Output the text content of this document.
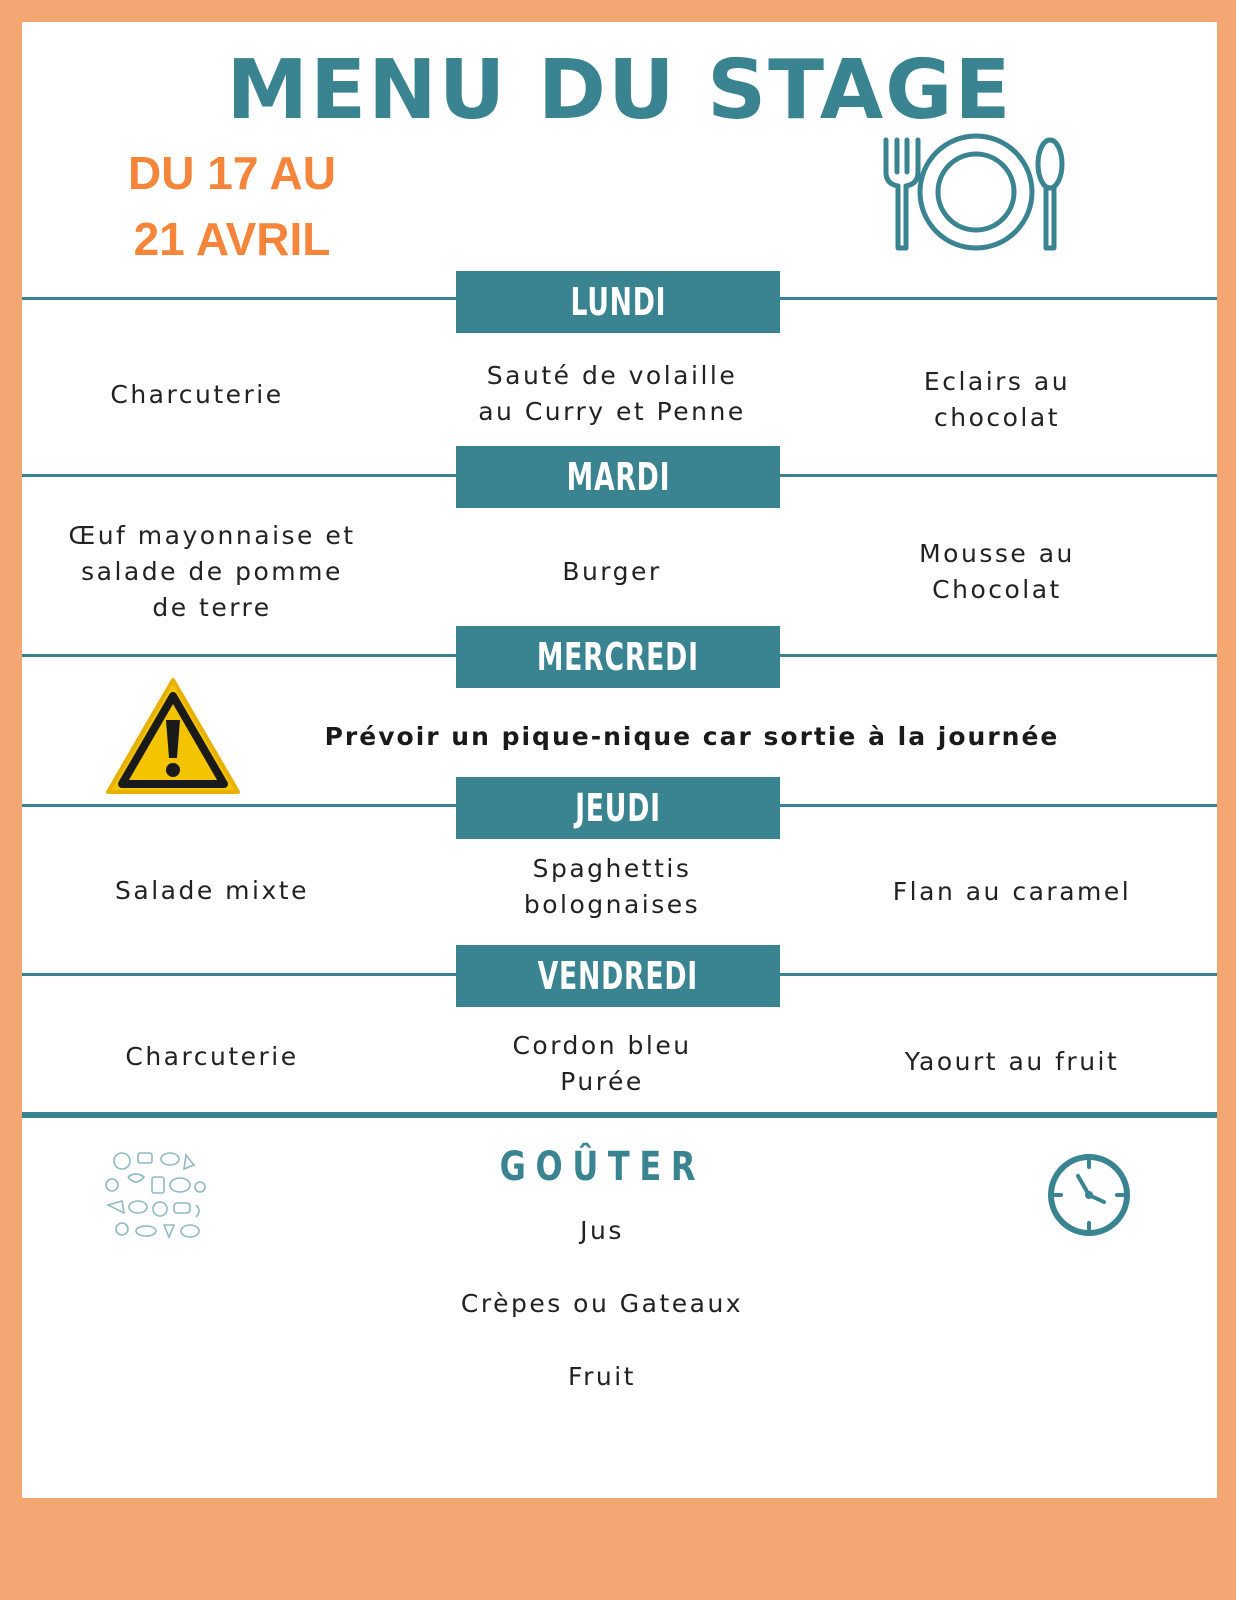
MENU DU STAGE
DU 17 AU
21 AVRIL
LUNDI
Charcuterie
Sauté de volaille
au Curry et Penne
Eclairs au
chocolat
MARDI
Œuf mayonnaise et
salade de pomme
de terre
Burger
Mousse au
Chocolat
MERCREDI
Prévoir un pique-nique car sortie à la journée
JEUDI
Salade mixte
Spaghettis
bolognaises	Flan au caramel
VENDREDI
Charcuterie	Cordon bleu
Purée
Yaourt au fruit
GOÛTER
Jus
Crèpes ou Gateaux
Fruit
